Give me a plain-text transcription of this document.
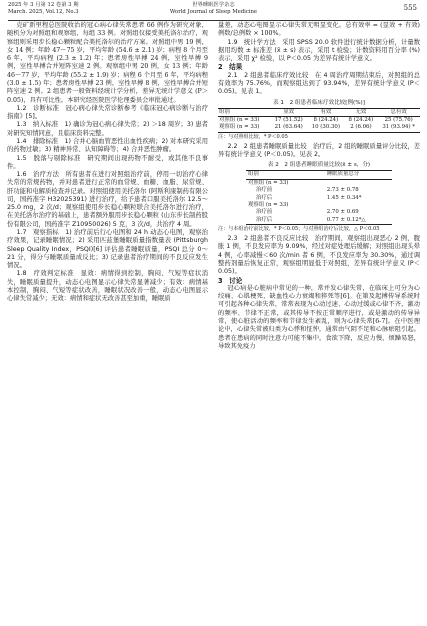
2025 年 3 月第 12 卷第 3 期
March. 2025, Vol.12, No.3
世界睡眠医学杂志
World Journal of Sleep Medicine	555

克矿新里程总医院收治的冠心病心律失常患者 66 例作为研究对象，随机分为对照组和观察组，每组 33 例。对照组仅接受美托洛尔治疗，观察组则采用步长稳心颗粒配合美托洛尔的治疗方案。对照组中男 19 例，女 14 例；年龄 47～75 岁，平均年龄 (54.6 ± 2.1) 岁；病程 8 个月至 6 年，平均病程 (2.3 ± 1.2) 年；患者房性早搏 24 例，室性早搏 9 例，室性早搏合并短阵室速 2 例。观察组中男 20 例，女 13 例；年龄 46～77 岁，平均年龄 (55.2 ± 1.9) 岁；病程 6 个月至 6 年，平均病程 (3.0 ± 1.5) 年；患者房性早搏 23 例，室性早搏 8 例，室性早搏合并短阵室速 2 例。2 组患者一般资料经统计学分析，差异无统计学意义 (P＞0.05)，具有可比性。本研究经医院医学伦理委员会审批通过。

1.2　诊断标准　冠心病心律失常诊断参考《临床冠心病诊断与治疗指南》[5]。

1.3　纳入标准　1) 确诊为冠心病心律失常；2) ＞18 周岁；3) 患者对研究知情同意，且临床资料完整。

1.4　排除标准　1) 合并心脑血管恶性出血性疾病；2) 对本研究采用的药物过敏；3) 精神异常、认知障碍等；4) 合并恶性肿瘤。

1.5　脱落与剔除标准　研究期间出现药物不耐受，或其他不良事件。

1.6　治疗方法　所有患者在进行对照组治疗前，停用一切治疗心律失常的常规药物，并对患者进行正常的血常规、血糖、血脂、尿常规、肝功能和电解质检查并记录。对照组使用美托洛尔 (阿斯利康制药有限公司，国药准字 H32025391) 进行治疗，给予患者口服美托洛尔 12.5～25.0 mg，2 次/d；观察组使用步长稳心颗粒联合美托洛尔进行治疗，在美托洛尔治疗的基础上，患者额外服用步长稳心颗粒 (山东步长制药股份有限公司，国药准字 Z10950026) 5 克，3 次/d，共治疗 4 周。

1.7　观察指标　1) 治疗前后行心电图和 24 h 动态心电图，观察治疗效果，记录睡眠情况；2) 采用匹兹堡睡眠质量指数量表 (Pittsburgh Sleep Quality Index，PSQI)[6] 评估患者睡眠质量，PSQI 总分 0～21 分，得分与睡眠质量成反比；3) 记录患者治疗期间的不良反应发生情况。

1.8　疗效判定标准　显效：病情得到控制，胸闷、气短等症状消失，睡眠质量提升，动态心电图显示心律失常显著减少；有效：病情基本控制，胸闷、气短等症状改善，睡眠状况改善一般，动态心电图显示心律失常减少；无效：病情和症状无改善甚至加重，睡眠质

量差，动态心电图显示心律失常无明显变化。总有效率 = (显效 + 有效) 例数/总例数 × 100%。

1.9　统计学方法　采用 SPSS 20.0 软件进行统计数据分析，计量数据用均数 ± 标准差 (x̄ ± s) 表示，采用 t 检验；计数资料用百分率 (%) 表示，采用 χ² 检验，以 P＜0.05 为差异有统计学意义。

2　结果

2.1　2 组患者临床疗效比较　在 4 周治疗周期结束后，对照组的总有效率为 75.76%，而观察组达到了 93.94%，差异有统计学意义 (P＜0.05)。见表 1。

表 1　2 组患者临床疗效比较[例(%)]
组别	显效	有效	无效	总有效
对照组 (n = 33)	17 (51.52)	8 (24.24)	8 (24.24)	25 (75.76)
观察组 (n = 33)	21 (63.64)	10 (30.30)	2 (6.06)	31 (93.94) *
注：与对照组比较，* P＜0.05

2.2　2 组患者睡眠质量比较　治疗后，2 组的睡眠质量评分比较，差异有统计学意义 (P＜0.05)。见表 2。

表 2　2 组患者睡眠质量比较(x̄ ± s，分)
组别	睡眠质量总分
对照组 (n = 33)	
治疗前	2.73 ± 0.78
治疗后	1.45 ± 0.34*
观察组 (n = 33)	
治疗前	2.70 ± 0.69
治疗后	0.77 ± 0.12*△
注：与本组治疗前比较，* P＜0.05；与对照组治疗后比较，△ P＜0.05

2.3　2 组患者不良反应比较　治疗期间，观察组出现恶心 2 例，腹胀 1 例，不良发应率为 9.09%，经过对症处理后缓解；对照组出现头晕 4 例，心率减慢＜60 次/min 者 6 例，不良发应率为 30.30%，通过调整药剂量后恢复正常，观察组明显低于对照组，差异有统计学意义 (P＜0.05)。

3　讨论

冠心病是心脏病中常见的一种，常并发心律失常，在临床上可分为心绞痛、心肌梗死、缺血性心力衰竭和猝死等[6]。在第及起搏传导系统时可引起各种心律失常，常常表现为心动过速、心动过缓或心律不齐，激动的频率、节律不正常，或其传导不按正常顺序进行，或是激动的传导异常，使心脏活动的频率和节律发生紊乱，则为心律失常[6-7]。在中医理论中，心律失常被归类为心悸和怔忡，通常由气阴不足和心脉瘀阻引起。患者在患病的同时注意力可能不集中，食欲下降，反应力慢，烦躁易怒，导致其免疫力
